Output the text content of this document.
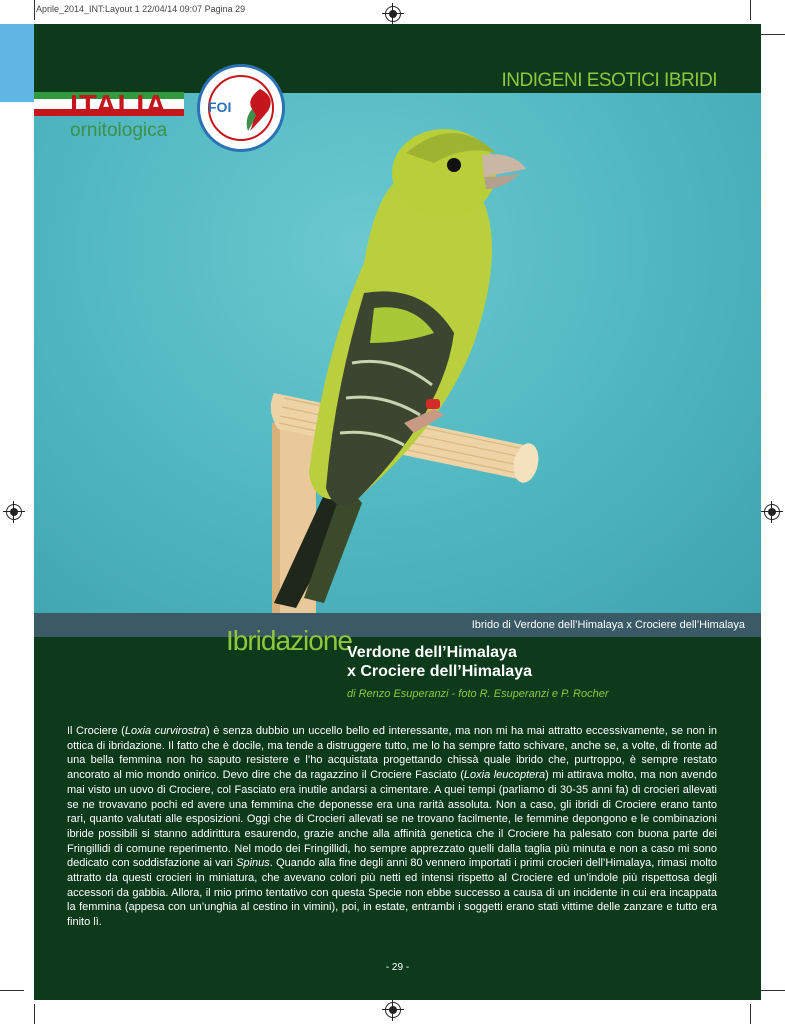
Aprile_2014_INT:Layout 1 22/04/14 09:07 Pagina 29
ITALIA
ornitologica
FOI
INDIGENI ESOTICI IBRIDI
Ibrido di Verdone dell’Himalaya x Crociere dell’Himalaya
Ibridazione
Verdone dell’Himalaya
x Crociere dell’Himalaya
di Renzo Esuperanzi - foto R. Esuperanzi e P. Rocher
Il Crociere (Loxia curvirostra) è senza dubbio un uccello bello ed interessante, ma non mi ha mai attratto eccessivamente, se non in ottica di ibridazione. Il fatto che è docile, ma tende a distruggere tutto, me lo ha sempre fatto schivare, anche se, a volte, di fronte ad una bella femmina non ho saputo resistere e l’ho acquistata progettando chissà quale ibrido che, purtroppo, è sempre restato ancorato al mio mondo onirico. Devo dire che da ragazzino il Crociere Fasciato (Loxia leucoptera) mi attirava molto, ma non avendo mai visto un uovo di Crociere, col Fasciato era inutile andarsi a cimentare. A quei tempi (parliamo di 30-35 anni fa) di crocieri allevati se ne trovavano pochi ed avere una femmina che deponesse era una rarità assoluta. Non a caso, gli ibridi di Crociere erano tanto rari, quanto valutati alle esposizioni. Oggi che di Crocieri allevati se ne trovano facilmente, le femmine depongono e le combinazioni ibride possibili si stanno addirittura esaurendo, grazie anche alla affinità genetica che il Crociere ha palesato con buona parte dei Fringillidi di comune reperimento. Nel modo dei Fringillidi, ho sempre apprezzato quelli dalla taglia più minuta e non a caso mi sono dedicato con soddisfazione ai vari Spinus. Quando alla fine degli anni 80 vennero importati i primi crocieri dell’Himalaya, rimasi molto attratto da questi crocieri in miniatura, che avevano colori più netti ed intensi rispetto al Crociere ed un’indole più rispettosa degli accessori da gabbia. Allora, il mio primo tentativo con questa Specie non ebbe successo a causa di un incidente in cui era incappata la femmina (appesa con un’unghia al cestino in vimini), poi, in estate, entrambi i soggetti erano stati vittime delle zanzare e tutto era finito lì.
- 29 -
